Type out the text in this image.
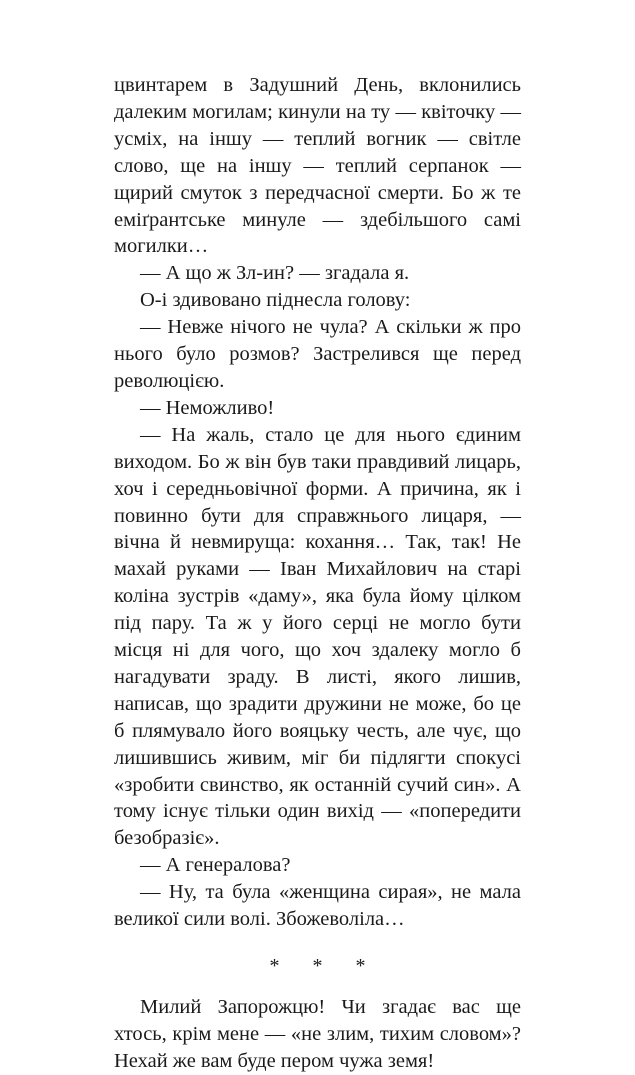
цвинтарем в Задушний День, вклонились далеким могилам; кинули на ту — квіточку — усміх, на іншу — теплий вогник — світле слово, ще на іншу — теплий серпанок — щирий смуток з передчасної смерти. Бо ж те еміґрантське минуле — здебільшого самі могилки…

— А що ж Зл-ин? — згадала я.

О-і здивовано піднесла голову:

— Невже нічого не чула? А скільки ж про нього було розмов? Застрелився ще перед революцією.

— Неможливо!

— На жаль, стало це для нього єдиним виходом. Бо ж він був таки правдивий лицарь, хоч і середньовічної форми. А причина, як і повинно бути для справжнього лицаря, — вічна й невмируща: кохання… Так, так! Не махай руками — Іван Михайлович на старі коліна зустрів «даму», яка була йому цілком під пару. Та ж у його серці не могло бути місця ні для чого, що хоч здалеку могло б нагадувати зраду. В листі, якого лишив, написав, що зрадити дружини не може, бо це б плямувало його вояцьку честь, але чує, що лишившись живим, міг би підлягти спокусі «зробити свинство, як останній сучий син». А тому існує тільки один вихід — «попередити безобразіє».

— А генералова?

— Ну, та була «женщина сирая», не мала великої сили волі. Збожеволіла…

* * *

Милий Запорожцю! Чи згадає вас ще хтось, крім мене — «не злим, тихим словом»? Нехай же вам буде пером чужа земя!
